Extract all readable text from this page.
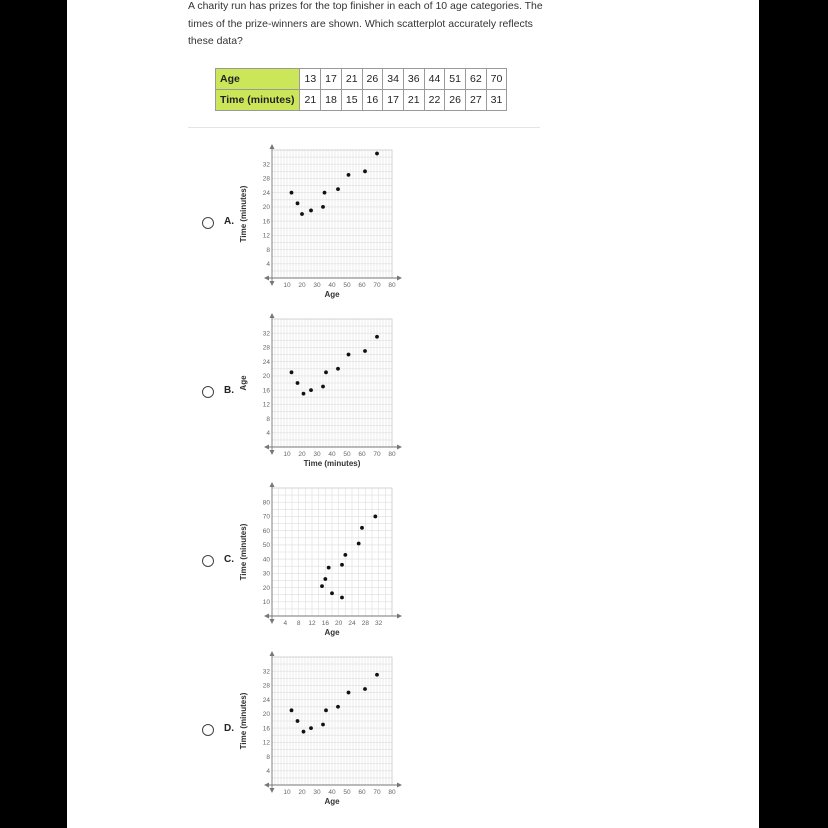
A charity run has prizes for the top finisher in each of 10 age categories. The times of the prize-winners are shown. Which scatterplot accurately reflects these data?

Age	13	17	21	26	34	36	44	51	62	70
Time (minutes)	21	18	15	16	17	21	22	26	27	31
A.
B.
C.
D.
10 20 30 40 50 60 70 80
4
8
12
16
20
24
28
32
Age
Time (minutes)
10 20 30 40 50 60 70 80
4
8
12
16
20
24
28
32
Time (minutes)
Age
4 8 12 16 20 24 28 32
10
20
30
40
50
60
70
80
Age
Time (minutes)
10 20 30 40 50 60 70 80
4
8
12
16
20
24
28
32
Age
Time (minutes)
